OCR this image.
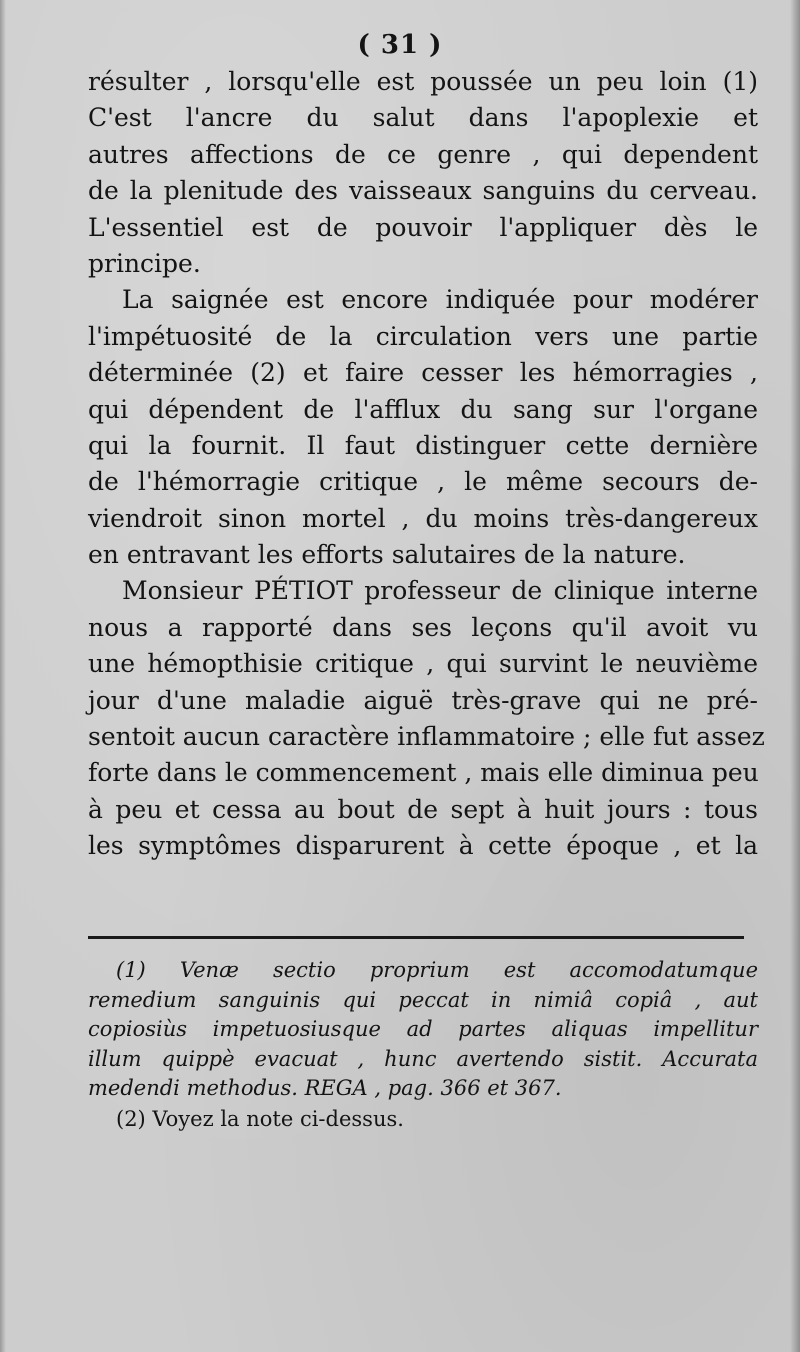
( 31 )
résulter , lorsqu'elle est poussée un peu loin (1)
C'est l'ancre du salut dans l'apoplexie et
autres affections de ce genre , qui dependent
de la plenitude des vaisseaux sanguins du cerveau.
L'essentiel est de pouvoir l'appliquer dès le
principe.
La saignée est encore indiquée pour modérer
l'impétuosité de la circulation vers une partie
déterminée (2) et faire cesser les hémorragies ,
qui dépendent de l'afflux du sang sur l'organe
qui la fournit. Il faut distinguer cette dernière
de l'hémorragie critique , le même secours de-
viendroit sinon mortel , du moins très-dangereux
en entravant les efforts salutaires de la nature.
Monsieur PÉTIOT professeur de clinique interne
nous a rapporté dans ses leçons qu'il avoit vu
une hémopthisie critique , qui survint le neuvième
jour d'une maladie aiguë très-grave qui ne pré-
sentoit aucun caractère inflammatoire ; elle fut assez
forte dans le commencement , mais elle diminua peu
à peu et cessa au bout de sept à huit jours : tous
les symptômes disparurent à cette époque , et la
(1) Venæ sectio proprium est accomodatumque
remedium sanguinis qui peccat in nimiâ copiâ , aut
copiosiùs impetuosiusque ad partes aliquas impellitur
illum quippè evacuat , hunc avertendo sistit. Accurata
medendi methodus. REGA , pag. 366 et 367.
(2) Voyez la note ci-dessus.
